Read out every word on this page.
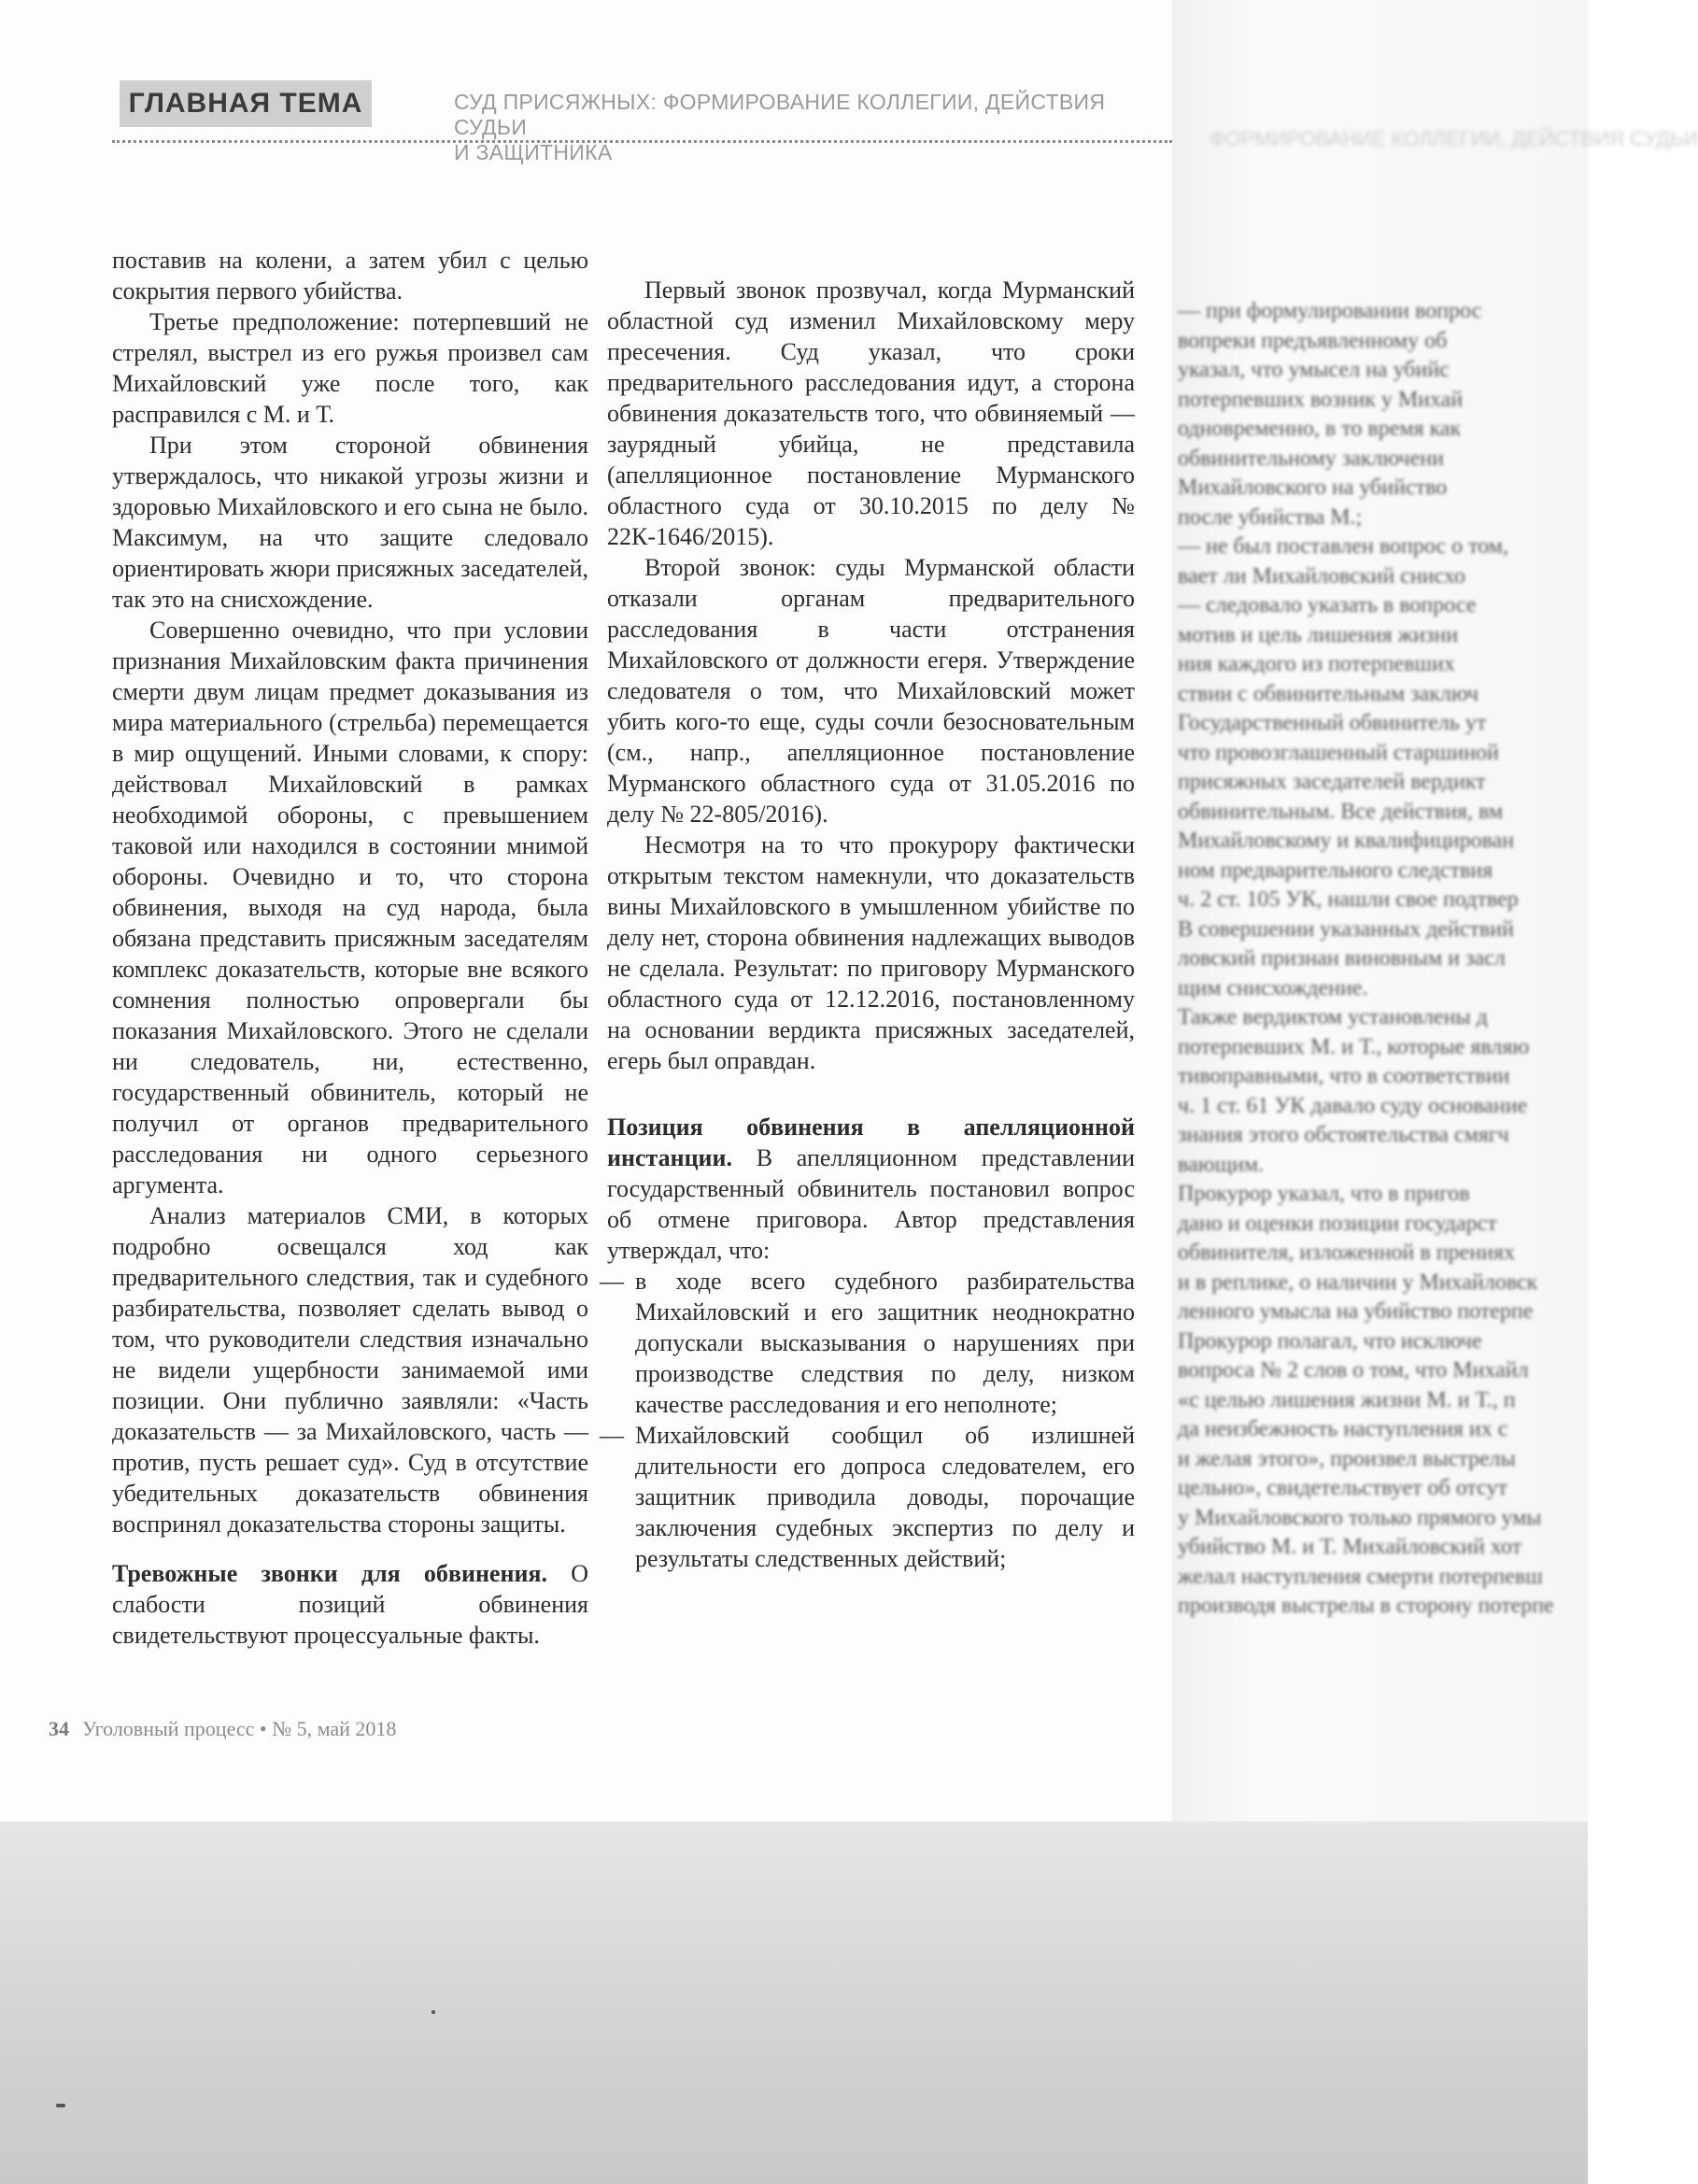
ФОРМИРОВАНИЕ КОЛЛЕГИИ, ДЕЙСТВИЯ СУДЬИ
— при формулировании вопрос
вопреки предъявленному об
указал, что умысел на убийс
потерпевших возник у Михай
одновременно, в то время как
обвинительному заключени
Михайловского на убийство
после убийства М.;
— не был поставлен вопрос о том,
вает ли Михайловский снисхо
— следовало указать в вопросе
мотив и цель лишения жизни
ния каждого из потерпевших
ствии с обвинительным заключ
Государственный обвинитель ут
что провозглашенный старшиной
присяжных заседателей вердикт
обвинительным. Все действия, вм
Михайловскому и квалифицирован
ном предварительного следствия
ч. 2 ст. 105 УК, нашли свое подтвер
В совершении указанных действий
ловский признан виновным и засл
щим снисхождение.
Также вердиктом установлены д
потерпевших М. и Т., которые являю
тивоправными, что в соответствии
ч. 1 ст. 61 УК давало суду основание
знания этого обстоятельства смягч
вающим.
Прокурор указал, что в пригов
дано и оценки позиции государст
обвинителя, изложенной в прениях
и в реплике, о наличии у Михайловск
ленного умысла на убийство потерпе
Прокурор полагал, что исключе
вопроса № 2 слов о том, что Михайл
«с целью лишения жизни М. и Т., п
да неизбежность наступления их с
и желая этого», произвел выстрелы
цельно», свидетельствует об отсут
у Михайловского только прямого умы
убийство М. и Т. Михайловский хот
желал наступления смерти потерпевш
производя выстрелы в сторону потерпе
ГЛАВНАЯ ТЕМА	СУД ПРИСЯЖНЫХ: ФОРМИРОВАНИЕ КОЛЛЕГИИ, ДЕЙСТВИЯ СУДЬИ
И ЗАЩИТНИКА

поставив на колени, а затем убил с целью сокрытия первого убийства.

Третье предположение: потерпевший не стрелял, выстрел из его ружья произвел сам Михайловский уже после того, как расправился с М. и Т.

При этом стороной обвинения утверждалось, что никакой угрозы жизни и здоровью Михайловского и его сына не было. Максимум, на что защите следовало ориентировать жюри присяжных заседателей, так это на снисхождение.

Совершенно очевидно, что при условии признания Михайловским факта причинения смерти двум лицам предмет доказывания из мира материального (стрельба) перемещается в мир ощущений. Иными словами, к спору: действовал Михайловский в рамках необходимой обороны, с превышением таковой или находился в состоянии мнимой обороны. Очевидно и то, что сторона обвинения, выходя на суд народа, была обязана представить присяжным заседателям комплекс доказательств, которые вне всякого сомнения полностью опровергали бы показания Михайловского. Этого не сделали ни следователь, ни, естественно, государственный обвинитель, который не получил от органов предварительного расследования ни одного серьезного аргумента.

Анализ материалов СМИ, в которых подробно освещался ход как предварительного следствия, так и судебного разбирательства, позволяет сделать вывод о том, что руководители следствия изначально не видели ущербности занимаемой ими позиции. Они публично заявляли: «Часть доказательств — за Михайловского, часть — против, пусть решает суд». Суд в отсутствие убедительных доказательств обвинения воспринял доказательства стороны защиты.

Тревожные звонки для обвинения. О слабости позиций обвинения свидетельствуют процессуальные факты.

Первый звонок прозвучал, когда Мурманский областной суд изменил Михайловскому меру пресечения. Суд указал, что сроки предварительного расследования идут, а сторона обвинения доказательств того, что обвиняемый — заурядный убийца, не представила (апелляционное постановление Мурманского областного суда от 30.10.2015 по делу № 22К-1646/2015).

Второй звонок: суды Мурманской области отказали органам предварительного расследования в части отстранения Михайловского от должности егеря. Утверждение следователя о том, что Михайловский может убить кого-то еще, суды сочли безосновательным (см., напр., апелляционное постановление Мурманского областного суда от 31.05.2016 по делу № 22-805/2016).

Несмотря на то что прокурору фактически открытым текстом намекнули, что доказательств вины Михайловского в умышленном убийстве по делу нет, сторона обвинения надлежащих выводов не сделала. Результат: по приговору Мурманского областного суда от 12.12.2016, постановленному на основании вердикта присяжных заседателей, егерь был оправдан.

Позиция обвинения в апелляционной инстанции. В апелляционном представлении государственный обвинитель постановил вопрос об отмене приговора. Автор представления утверждал, что:

— в ходе всего судебного разбирательства Михайловский и его защитник неоднократно допускали высказывания о нарушениях при производстве следствия по делу, низком качестве расследования и его неполноте;
— Михайловский сообщил об излишней длительности его допроса следователем, его защитник приводила доводы, порочащие заключения судебных экспертиз по делу и результаты следственных действий;
34 Уголовный процесс • № 5, май 2018
